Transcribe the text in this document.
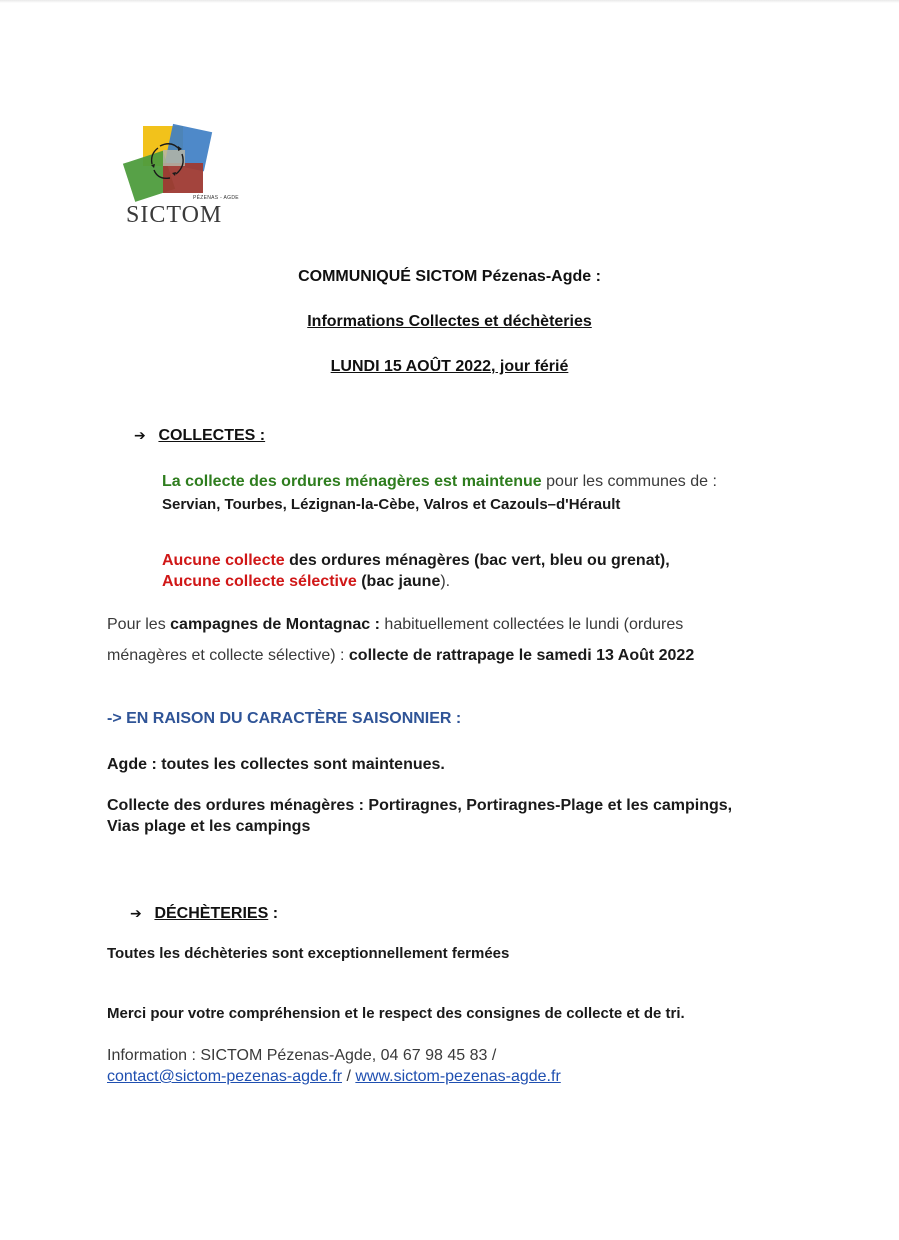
PÉZENAS - AGDE
SICTOM
COMMUNIQUÉ SICTOM Pézenas-Agde :
Informations Collectes et déchèteries
LUNDI 15 AOÛT 2022, jour férié
➔ COLLECTES :
La collecte des ordures ménagères est maintenue pour les communes de :
Servian, Tourbes, Lézignan-la-Cèbe, Valros et Cazouls–d'Hérault
Aucune collecte des ordures ménagères (bac vert, bleu ou grenat),
Aucune collecte sélective (bac jaune).
Pour les campagnes de Montagnac : habituellement collectées le lundi (ordures
ménagères et collecte sélective) : collecte de rattrapage le samedi 13 Août 2022
-> EN RAISON DU CARACTÈRE SAISONNIER :
Agde : toutes les collectes sont maintenues.
Collecte des ordures ménagères : Portiragnes, Portiragnes-Plage et les campings,
Vias plage et les campings
➔ DÉCHÈTERIES :
Toutes les déchèteries sont exceptionnellement fermées
Merci pour votre compréhension et le respect des consignes de collecte et de tri.
Information : SICTOM Pézenas-Agde, 04 67 98 45 83 /
contact@sictom-pezenas-agde.fr / www.sictom-pezenas-agde.fr
